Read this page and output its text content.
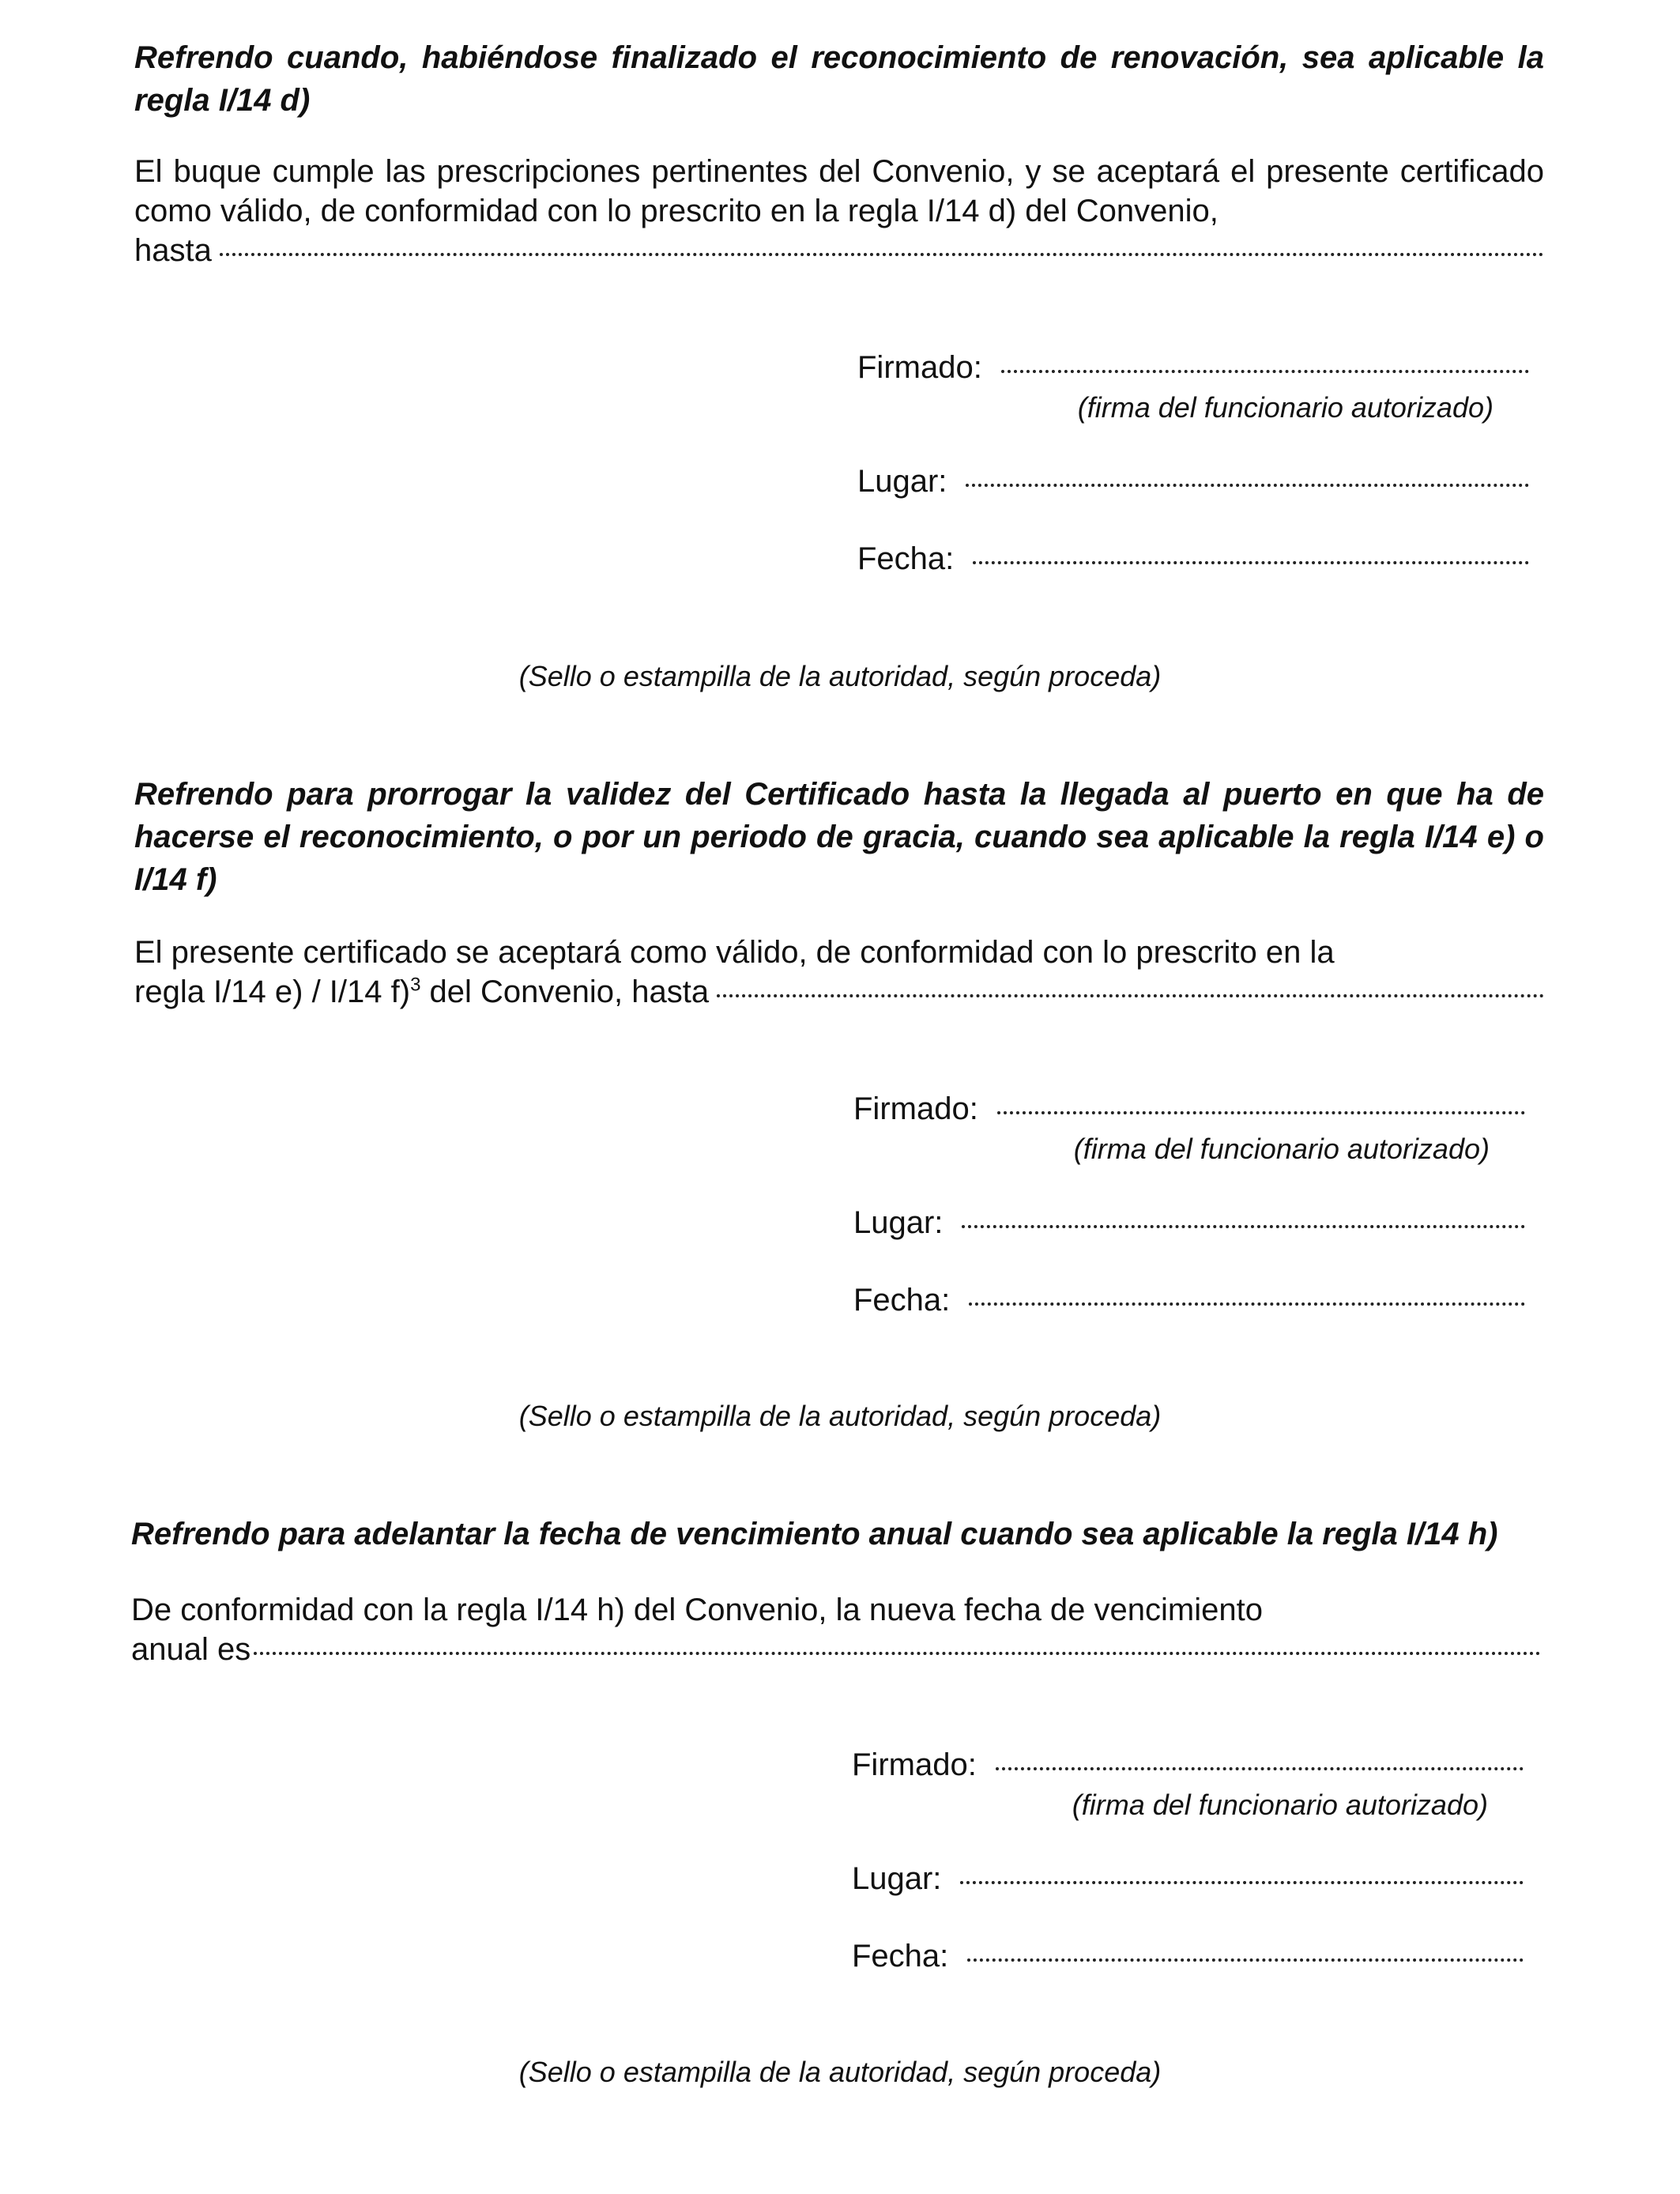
Refrendo cuando, habiéndose finalizado el reconocimiento de renovación, sea aplicable la regla I/14 d)

El buque cumple las prescripciones pertinentes del Convenio, y se aceptará el presente certificado como válido, de conformidad con lo prescrito en la regla I/14 d) del Convenio,

hasta
Firmado:
(firma del funcionario autorizado)
Lugar:
Fecha:
(Sello o estampilla de la autoridad, según proceda)

Refrendo para prorrogar la validez del Certificado hasta la llegada al puerto en que ha de hacerse el reconocimiento, o por un periodo de gracia, cuando sea aplicable la regla I/14 e) o I/14 f)

El presente certificado se aceptará como válido, de conformidad con lo prescrito en la

regla I/14 e) / I/14 f)$^3$ del Convenio, hasta
Firmado:
(firma del funcionario autorizado)
Lugar:
Fecha:
(Sello o estampilla de la autoridad, según proceda)

Refrendo para adelantar la fecha de vencimiento anual cuando sea aplicable la regla I/14 h)

De conformidad con la regla I/14 h) del Convenio, la nueva fecha de vencimiento

anual es
Firmado:
(firma del funcionario autorizado)
Lugar:
Fecha:
(Sello o estampilla de la autoridad, según proceda)
